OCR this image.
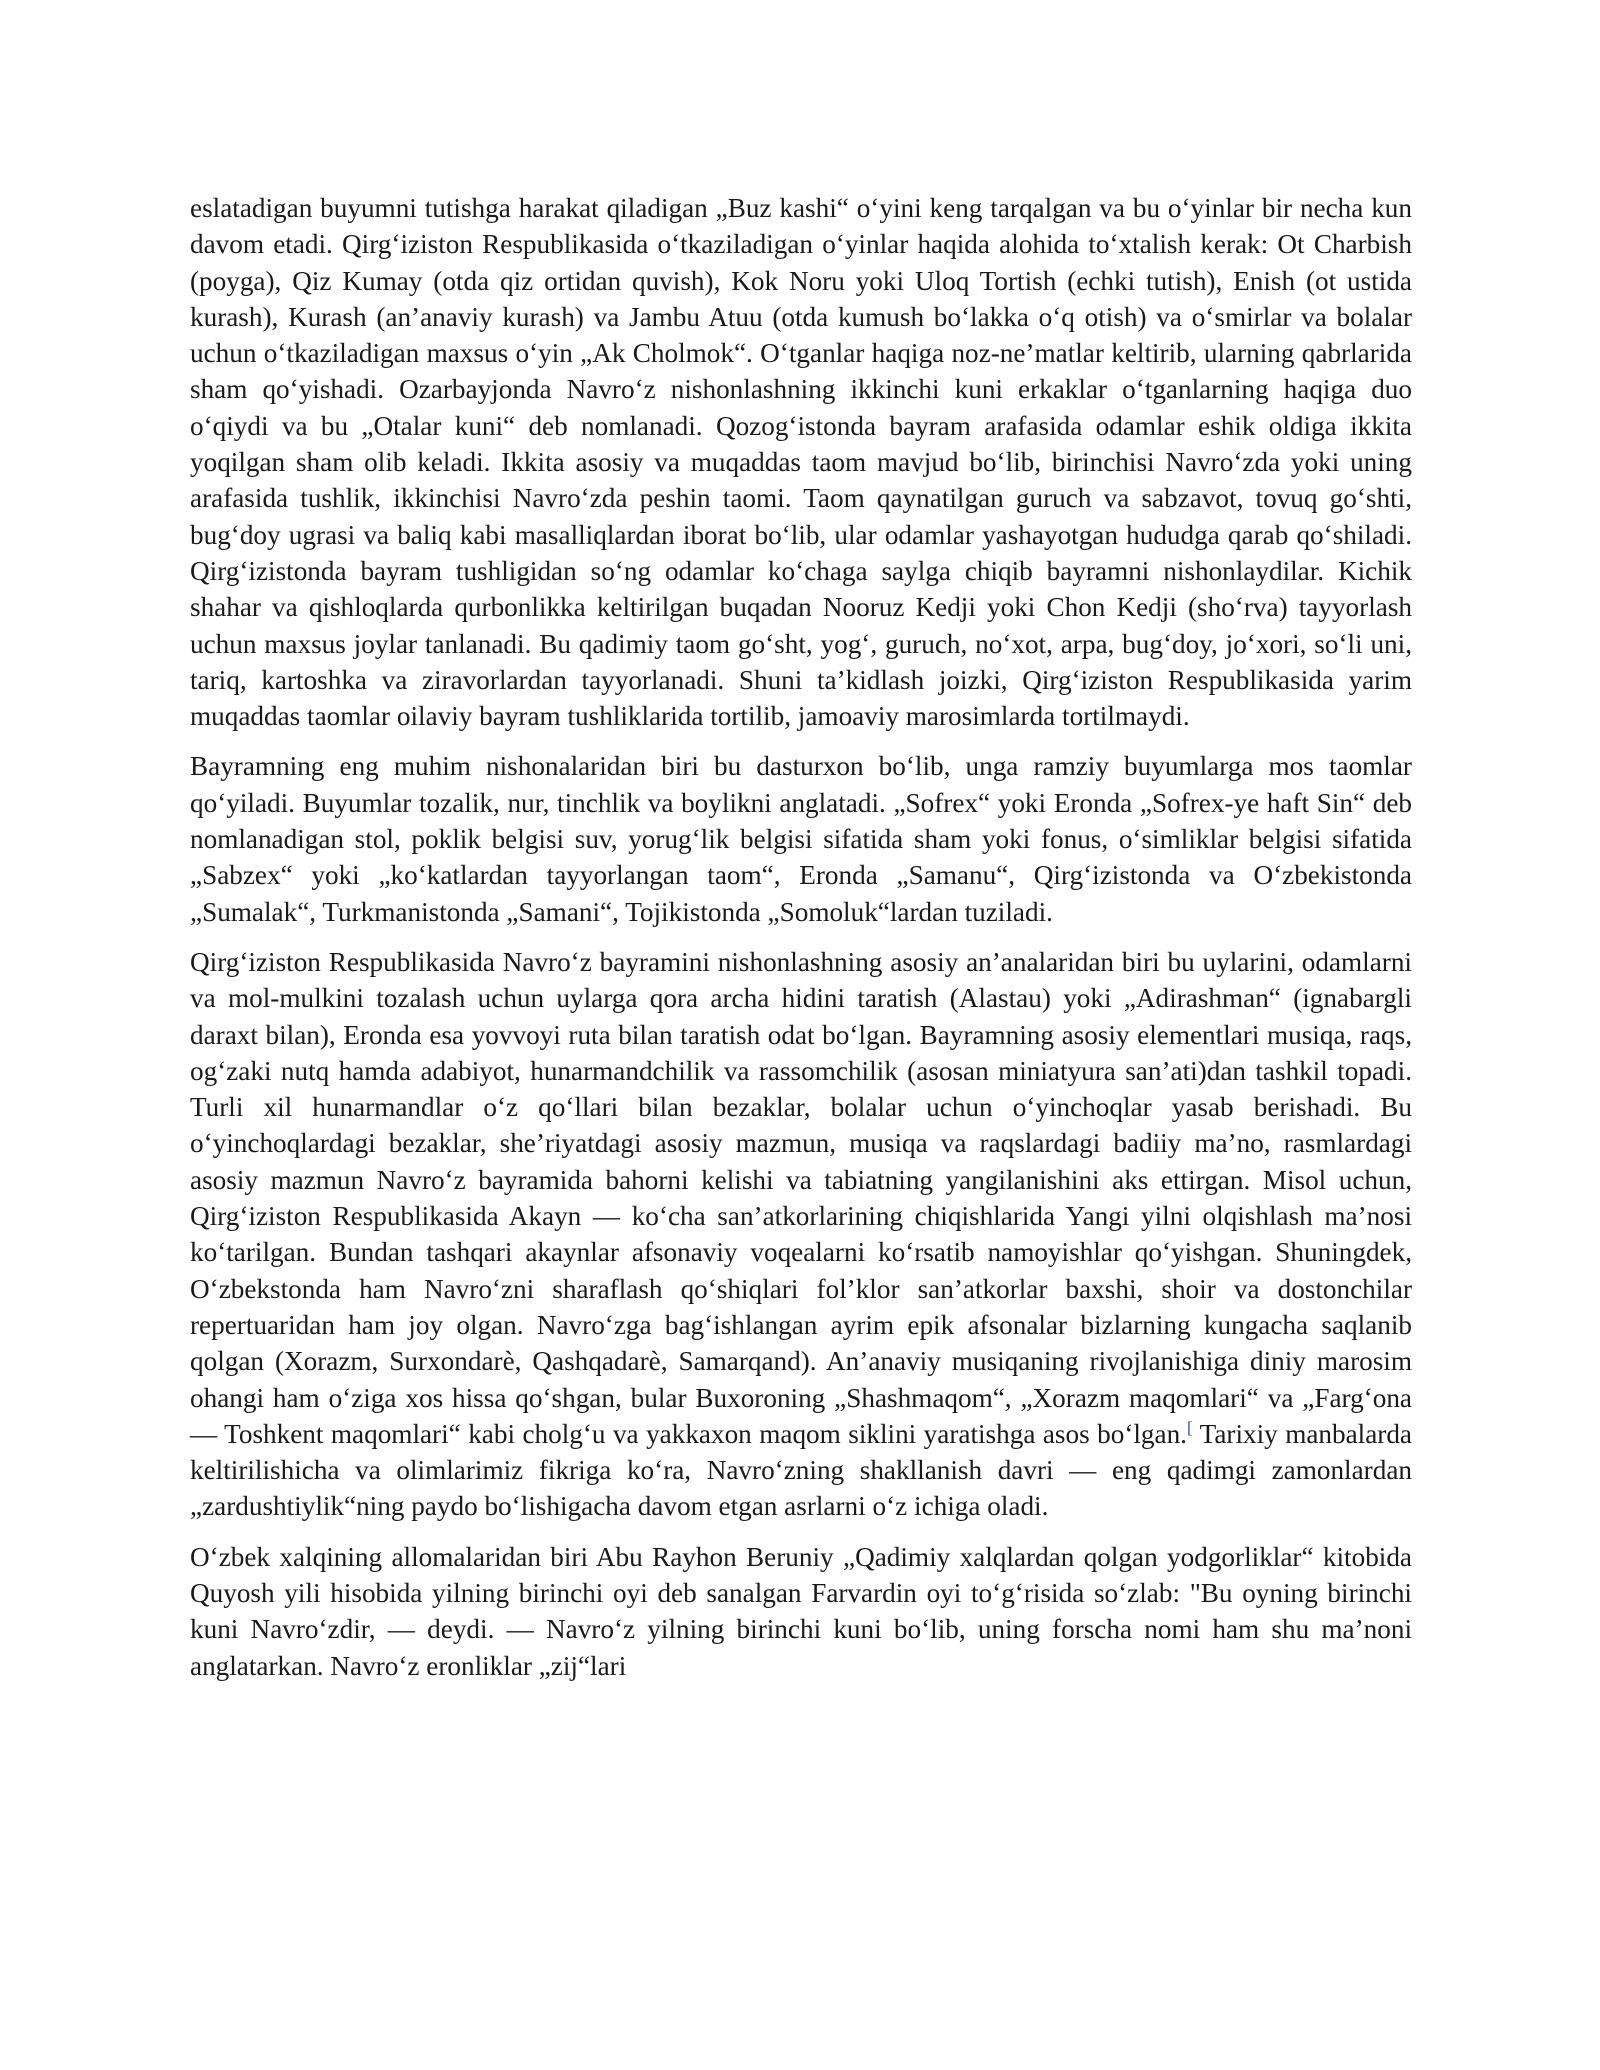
eslatadigan buyumni tutishga harakat qiladigan „Buz kashi“ o‘yini keng tarqalgan va bu o‘yinlar bir necha kun davom etadi. Qirg‘iziston Respublikasida o‘tkaziladigan o‘yinlar haqida alohida to‘xtalish kerak: Ot Charbish (poyga), Qiz Kumay (otda qiz ortidan quvish), Kok Noru yoki Uloq Tortish (echki tutish), Enish (ot ustida kurash), Kurash (an’anaviy kurash) va Jambu Atuu (otda kumush bo‘lakka o‘q otish) va o‘smirlar va bolalar uchun o‘tkaziladigan maxsus o‘yin „Ak Cholmok“. O‘tganlar haqiga noz-ne’matlar keltirib, ularning qabrlarida sham qo‘yishadi. Ozarbayjonda Navro‘z nishonlashning ikkinchi kuni erkaklar o‘tganlarning haqiga duo o‘qiydi va bu „Otalar kuni“ deb nomlanadi. Qozog‘istonda bayram arafasida odamlar eshik oldiga ikkita yoqilgan sham olib keladi. Ikkita asosiy va muqaddas taom mavjud bo‘lib, birinchisi Navro‘zda yoki uning arafasida tushlik, ikkinchisi Navro‘zda peshin taomi. Taom qaynatilgan guruch va sabzavot, tovuq go‘shti, bug‘doy ugrasi va baliq kabi masalliqlardan iborat bo‘lib, ular odamlar yashayotgan hududga qarab qo‘shiladi. Qirg‘izistonda bayram tushligidan so‘ng odamlar ko‘chaga saylga chiqib bayramni nishonlaydilar. Kichik shahar va qishloqlarda qurbonlikka keltirilgan buqadan Nooruz Kedji yoki Chon Kedji (sho‘rva) tayyorlash uchun maxsus joylar tanlanadi. Bu qadimiy taom go‘sht, yog‘, guruch, no‘xot, arpa, bug‘doy, jo‘xori, so‘li uni, tariq, kartoshka va ziravorlardan tayyorlanadi. Shuni ta’kidlash joizki, Qirg‘iziston Respublikasida yarim muqaddas taomlar oilaviy bayram tushliklarida tortilib, jamoaviy marosimlarda tortilmaydi.

Bayramning eng muhim nishonalaridan biri bu dasturxon bo‘lib, unga ramziy buyumlarga mos taomlar qo‘yiladi. Buyumlar tozalik, nur, tinchlik va boylikni anglatadi. „Sofrex“ yoki Eronda „Sofrex-ye haft Sin“ deb nomlanadigan stol, poklik belgisi suv, yorug‘lik belgisi sifatida sham yoki fonus, o‘simliklar belgisi sifatida „Sabzex“ yoki „ko‘katlardan tayyorlangan taom“, Eronda „Samanu“, Qirg‘izistonda va O‘zbekistonda „Sumalak“, Turkmanistonda „Samani“, Tojikistonda „Somoluk“lardan tuziladi.

Qirg‘iziston Respublikasida Navro‘z bayramini nishonlashning asosiy an’analaridan biri bu uylarini, odamlarni va mol-mulkini tozalash uchun uylarga qora archa hidini taratish (Alastau) yoki „Adirashman“ (ignabargli daraxt bilan), Eronda esa yovvoyi ruta bilan taratish odat bo‘lgan. Bayramning asosiy elementlari musiqa, raqs, og‘zaki nutq hamda adabiyot, hunarmandchilik va rassomchilik (asosan miniatyura san’ati)dan tashkil topadi. Turli xil hunarmandlar o‘z qo‘llari bilan bezaklar, bolalar uchun o‘yinchoqlar yasab berishadi. Bu o‘yinchoqlardagi bezaklar, she’riyatdagi asosiy mazmun, musiqa va raqslardagi badiiy ma’no, rasmlardagi asosiy mazmun Navro‘z bayramida bahorni kelishi va tabiatning yangilanishini aks ettirgan. Misol uchun, Qirg‘iziston Respublikasida Akayn — ko‘cha san’atkorlarining chiqishlarida Yangi yilni olqishlash ma’nosi ko‘tarilgan. Bundan tashqari akaynlar afsonaviy voqealarni ko‘rsatib namoyishlar qo‘yishgan. Shuningdek, O‘zbekstonda ham Navro‘zni sharaflash qo‘shiqlari fol’klor san’atkorlar baxshi, shoir va dostonchilar repertuaridan ham joy olgan. Navro‘zga bag‘ishlangan ayrim epik afsonalar bizlarning kungacha saqlanib qolgan (Xorazm, Surxondarè, Qashqadarè, Samarqand). An’anaviy musiqaning rivojlanishiga diniy marosim ohangi ham o‘ziga xos hissa qo‘shgan, bular Buxoroning „Shashmaqom“, „Xorazm maqomlari“ va „Farg‘ona — Toshkent maqomlari“ kabi cholg‘u va yakkaxon maqom siklini yaratishga asos bo‘lgan.[ Tarixiy manbalarda keltirilishicha va olimlarimiz fikriga ko‘ra, Navro‘zning shakllanish davri — eng qadimgi zamonlardan „zardushtiylik“ning paydo bo‘lishigacha davom etgan asrlarni o‘z ichiga oladi.

O‘zbek xalqining allomalaridan biri Abu Rayhon Beruniy „Qadimiy xalqlardan qolgan yodgorliklar“ kitobida Quyosh yili hisobida yilning birinchi oyi deb sanalgan Farvardin oyi to‘g‘risida so‘zlab: "Bu oyning birinchi kuni Navro‘zdir, — deydi. — Navro‘z yilning birinchi kuni bo‘lib, uning forscha nomi ham shu ma’noni anglatarkan. Navro‘z eronliklar „zij“lari
